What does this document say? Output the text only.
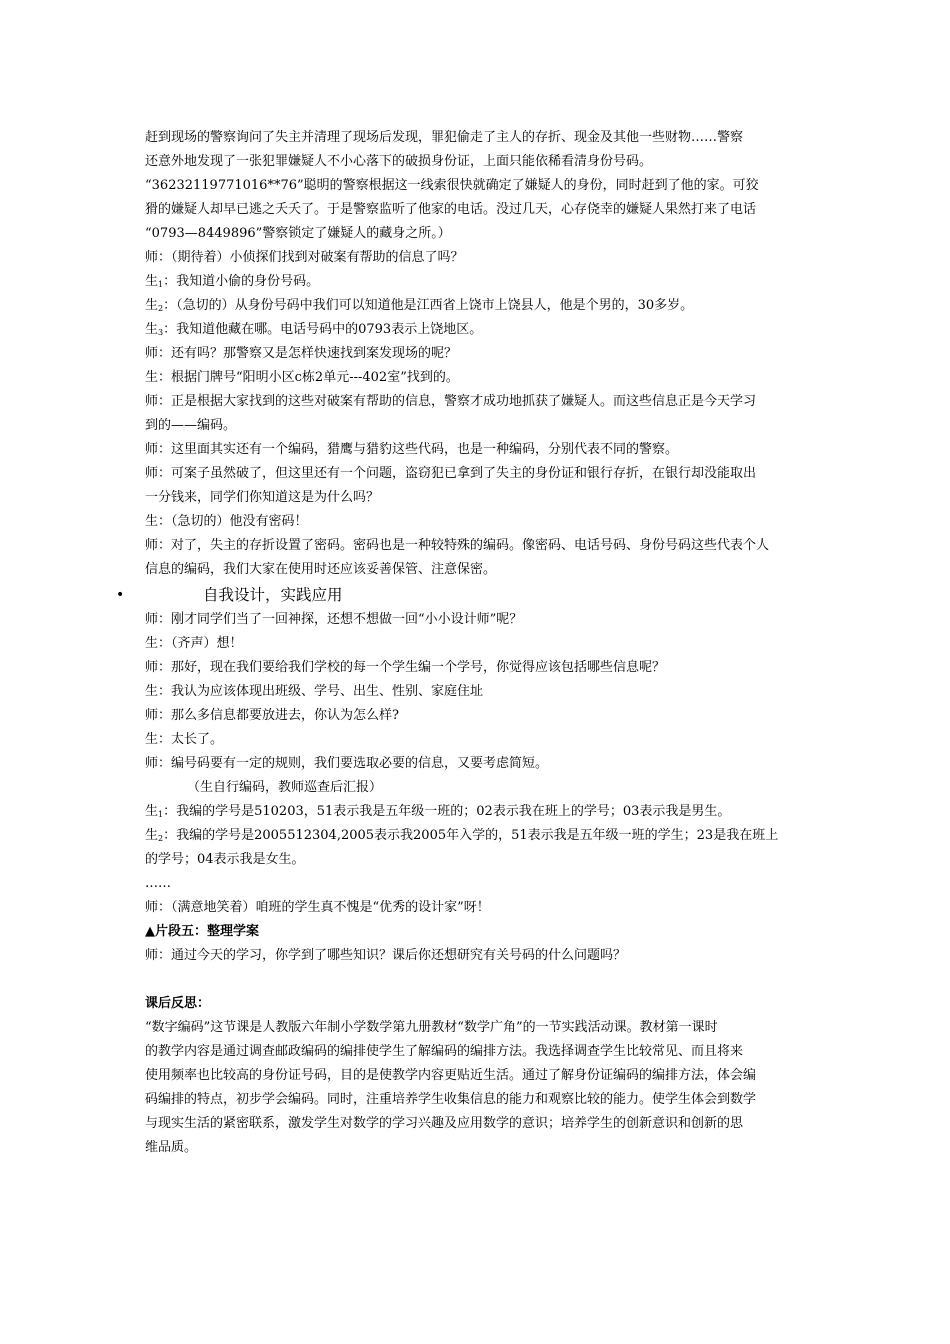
赶到现场的警察询问了失主并清理了现场后发现，罪犯偷走了主人的存折、现金及其他一些财物……警察

还意外地发现了一张犯罪嫌疑人不小心落下的破损身份证，上面只能依稀看清身份号码。

“36232119771016**76”聪明的警察根据这一线索很快就确定了嫌疑人的身份，同时赶到了他的家。可狡

猾的嫌疑人却早已逃之夭夭了。于是警察监听了他家的电话。没过几天，心存侥幸的嫌疑人果然打来了电话

“0793—8449896”警察锁定了嫌疑人的藏身之所。）

师：（期待着）小侦探们找到对破案有帮助的信息了吗？

生$_1$：我知道小偷的身份号码。

生$_2$：（急切的）从身份号码中我们可以知道他是江西省上饶市上饶县人，他是个男的，30多岁。

生$_3$：我知道他藏在哪。电话号码中的0793表示上饶地区。

师：还有吗？那警察又是怎样快速找到案发现场的呢？

生：根据门牌号“阳明小区c栋2单元---402室”找到的。

师：正是根据大家找到的这些对破案有帮助的信息，警察才成功地抓获了嫌疑人。而这些信息正是今天学习

到的——编码。

师：这里面其实还有一个编码，猎鹰与猎豹这些代码，也是一种编码，分别代表不同的警察。

师：可案子虽然破了，但这里还有一个问题，盗窃犯已拿到了失主的身份证和银行存折，在银行却没能取出

一分钱来，同学们你知道这是为什么吗？

生：（急切的）他没有密码！

师：对了，失主的存折设置了密码。密码也是一种较特殊的编码。像密码、电话号码、身份号码这些代表个人

信息的编码，我们大家在使用时还应该妥善保管、注意保密。

•	自我设计，实践应用

师：刚才同学们当了一回神探，还想不想做一回“小小设计师”呢？

生：（齐声）想！

师：那好，现在我们要给我们学校的每一个学生编一个学号，你觉得应该包括哪些信息呢？

生：我认为应该体现出班级、学号、出生、性别、家庭住址

师：那么多信息都要放进去，你认为怎么样?

生：太长了。

师：编号码要有一定的规则，我们要选取必要的信息，又要考虑简短。

（生自行编码，教师巡查后汇报）

生$_1$：我编的学号是510203，51表示我是五年级一班的；02表示我在班上的学号；03表示我是男生。

生$_2$：我编的学号是2005512304,2005表示我2005年入学的，51表示我是五年级一班的学生；23是我在班上

的学号；04表示我是女生。

……

师：（满意地笑着）咱班的学生真不愧是“优秀的设计家”呀！

▲片段五：整理学案

师：通过今天的学习，你学到了哪些知识？课后你还想研究有关号码的什么问题吗？

课后反思：

“数字编码”这节课是人教版六年制小学数学第九册教材“数学广角”的一节实践活动课。教材第一课时

的教学内容是通过调查邮政编码的编排使学生了解编码的编排方法。我选择调查学生比较常见、而且将来

使用频率也比较高的身份证号码，目的是使教学内容更贴近生活。通过了解身份证编码的编排方法，体会编

码编排的特点，初步学会编码。同时，注重培养学生收集信息的能力和观察比较的能力。使学生体会到数学

与现实生活的紧密联系，激发学生对数学的学习兴趣及应用数学的意识；培养学生的创新意识和创新的思

维品质。
